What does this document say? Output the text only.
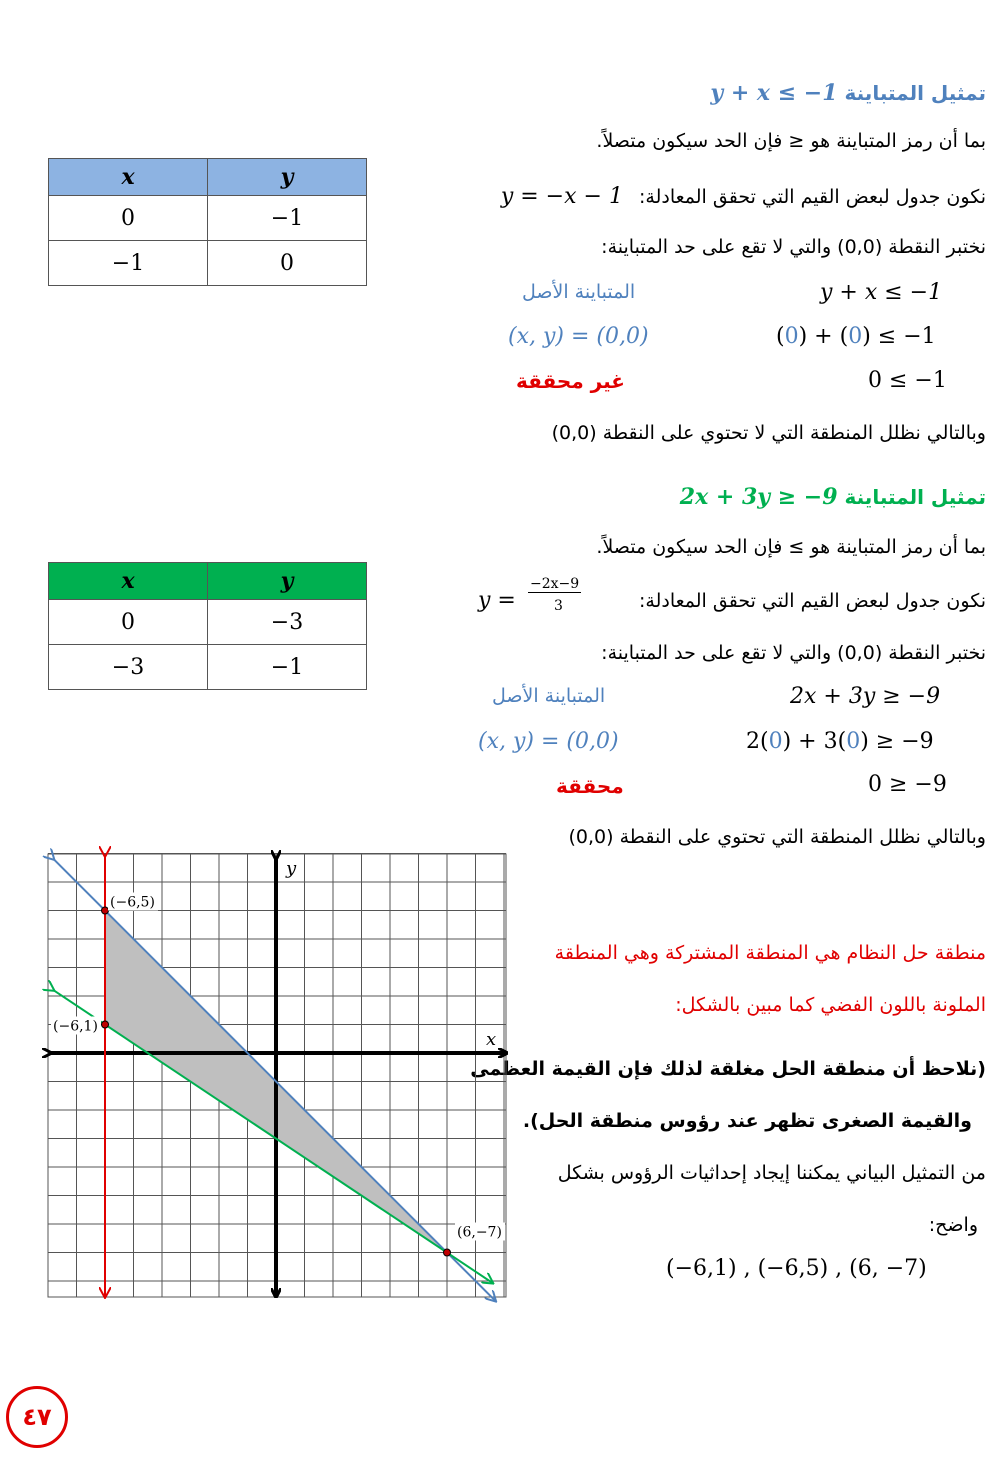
تمثيل المتباينة y + x ≤ −1
بما أن رمز المتباينة هو ≤ فإن الحد سيكون متصلاً.
نكون جدول لبعض القيم التي تحقق المعادلة: y = −x − 1
نختبر النقطة (0,0) والتي لا تقع على حد المتباينة:
المتباينة الأصل	y + x ≤ −1
(x, y) = (0,0)	(0) + (0) ≤ −1
غير محققة	0 ≤ −1
وبالتالي نظلل المنطقة التي لا تحتوي على النقطة (0,0)
x	y
0	−1
−1	0
تمثيل المتباينة 2x + 3y ≥ −9
بما أن رمز المتباينة هو ≥ فإن الحد سيكون متصلاً.
نكون جدول لبعض القيم التي تحقق المعادلة:
y =
−2x−9
3
نختبر النقطة (0,0) والتي لا تقع على حد المتباينة:
المتباينة الأصل	2x + 3y ≥ −9
(x, y) = (0,0)	2(0) + 3(0) ≥ −9
محققة	0 ≥ −9
وبالتالي نظلل المنطقة التي تحتوي على النقطة (0,0)
x	y
0	−3
−3	−1
منطقة حل النظام هي المنطقة المشتركة وهي المنطقة
الملونة باللون الفضي كما مبين بالشكل:
(نلاحظ أن منطقة الحل مغلقة لذلك فإن القيمة العظمى
والقيمة الصغرى تظهر عند رؤوس منطقة الحل).
من التمثيل البياني يمكننا إيجاد إحداثيات الرؤوس بشكل
واضح:
(−6,1) , (−6,5) , (6, −7)
x
y
(−6,5)
(−6,1)
(6,−7)
٤٧
